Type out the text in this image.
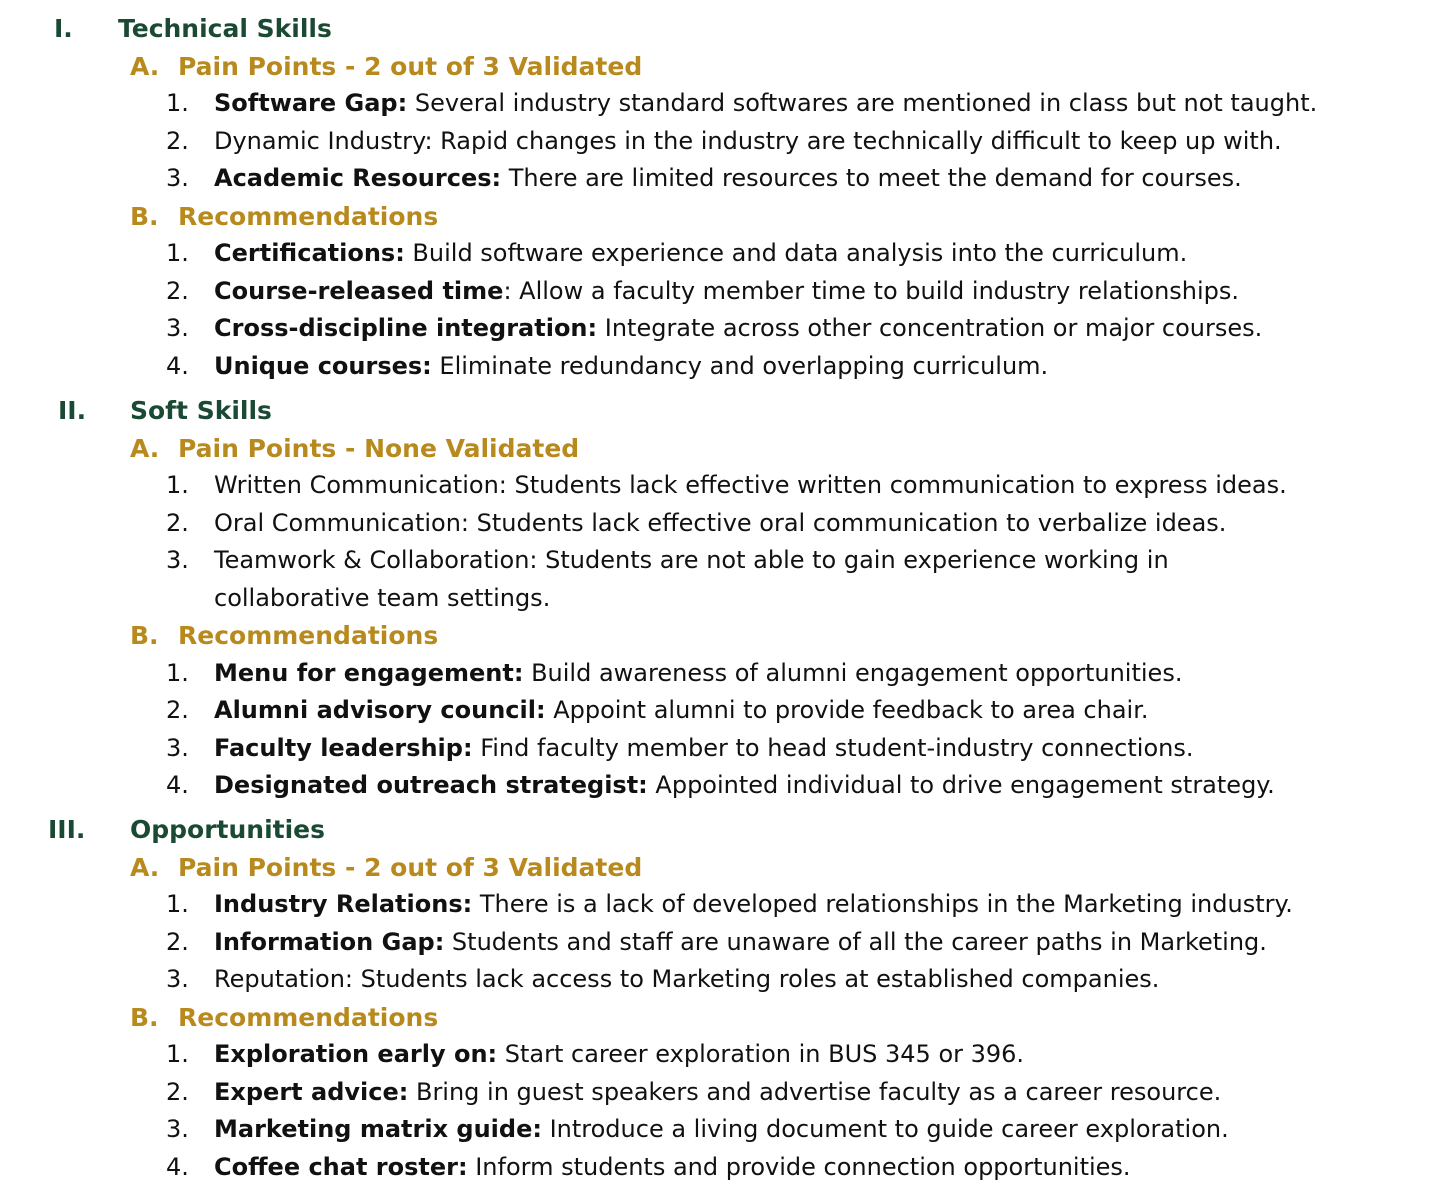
I. Technical Skills
A. Pain Points - 2 out of 3 Validated
1. Software Gap: Several industry standard softwares are mentioned in class but not taught.
2. Dynamic Industry: Rapid changes in the industry are technically difficult to keep up with.
3. Academic Resources: There are limited resources to meet the demand for courses.
B. Recommendations
1. Certifications: Build software experience and data analysis into the curriculum.
2. Course-released time: Allow a faculty member time to build industry relationships.
3. Cross-discipline integration: Integrate across other concentration or major courses.
4. Unique courses: Eliminate redundancy and overlapping curriculum.
II. Soft Skills
A. Pain Points - None Validated
1. Written Communication: Students lack effective written communication to express ideas.
2. Oral Communication: Students lack effective oral communication to verbalize ideas.
3. Teamwork & Collaboration: Students are not able to gain experience working in
collaborative team settings.
B. Recommendations
1. Menu for engagement: Build awareness of alumni engagement opportunities.
2. Alumni advisory council: Appoint alumni to provide feedback to area chair.
3. Faculty leadership: Find faculty member to head student-industry connections.
4. Designated outreach strategist: Appointed individual to drive engagement strategy.
III. Opportunities
A. Pain Points - 2 out of 3 Validated
1. Industry Relations: There is a lack of developed relationships in the Marketing industry.
2. Information Gap: Students and staff are unaware of all the career paths in Marketing.
3. Reputation: Students lack access to Marketing roles at established companies.
B. Recommendations
1. Exploration early on: Start career exploration in BUS 345 or 396.
2. Expert advice: Bring in guest speakers and advertise faculty as a career resource.
3. Marketing matrix guide: Introduce a living document to guide career exploration.
4. Coffee chat roster: Inform students and provide connection opportunities.
